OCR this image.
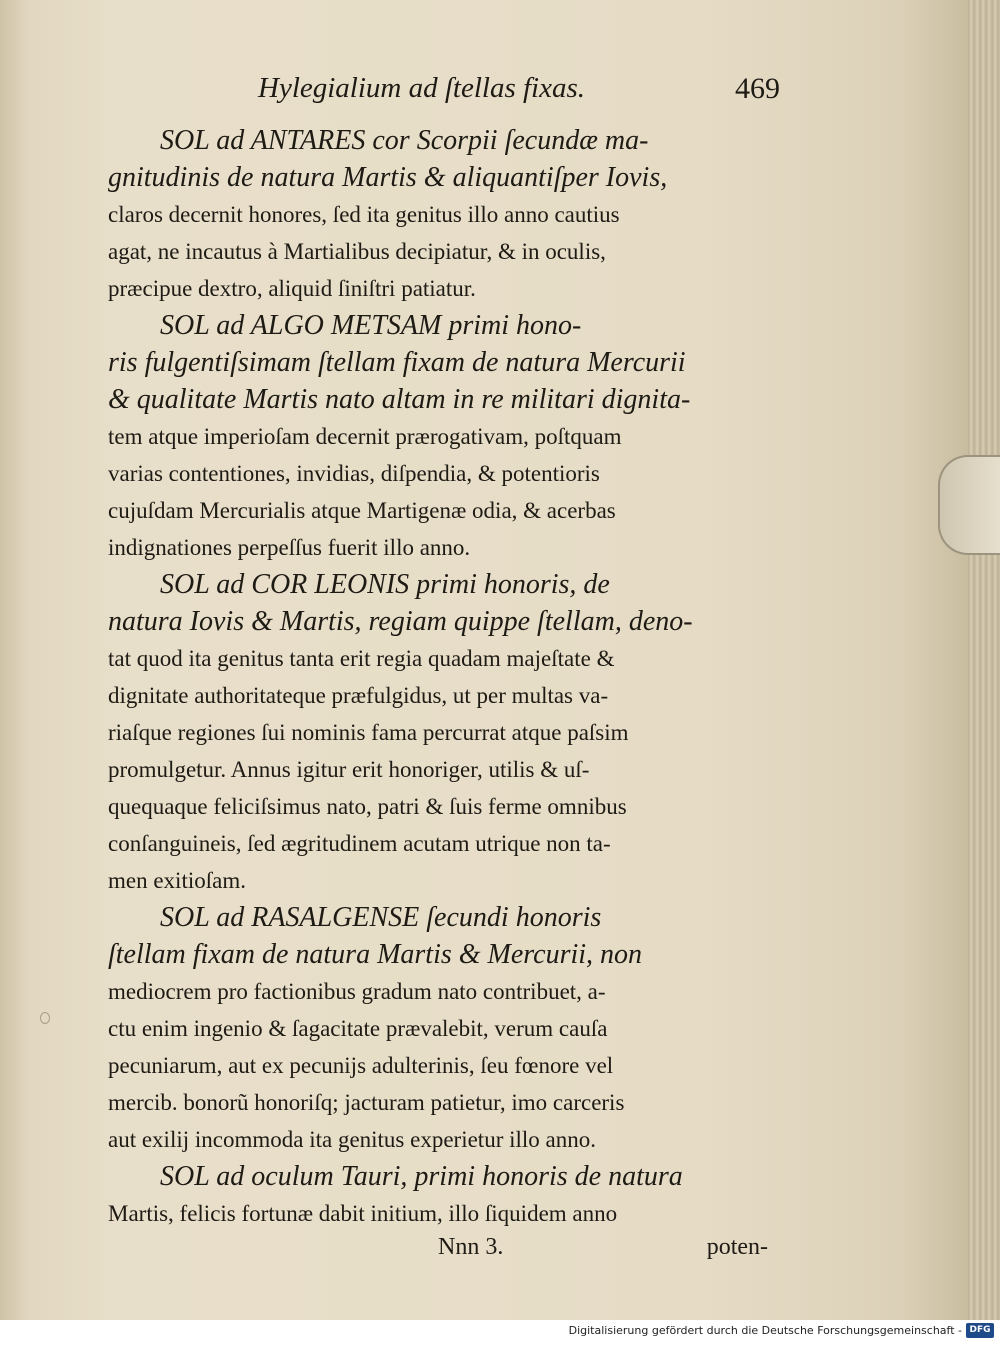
Hylegialium ad ſtellas fixas.	469
SOL ad ANTARES cor Scorpii ſecundæ ma-
gnitudinis de natura Martis & aliquantiſper Iovis,
claros decernit honores, ſed ita genitus illo anno cautius
agat, ne incautus à Martialibus decipiatur, & in oculis,
præcipue dextro, aliquid ſiniſtri patiatur.
SOL ad ALGO METSAM primi hono-
ris fulgentiſsimam ſtellam fixam de natura Mercurii
& qualitate Martis nato altam in re militari dignita-
tem atque imperioſam decernit prærogativam, poſtquam
varias contentiones, invidias, diſpendia, & potentioris
cujuſdam Mercurialis atque Martigenæ odia, & acerbas
indignationes perpeſſus fuerit illo anno.
SOL ad COR LEONIS primi honoris, de
natura Iovis & Martis, regiam quippe ſtellam, deno-
tat quod ita genitus tanta erit regia quadam majeſtate &
dignitate authoritateque præfulgidus, ut per multas va-
riaſque regiones ſui nominis fama percurrat atque paſsim
promulgetur. Annus igitur erit honoriger, utilis & uſ-
quequaque feliciſsimus nato, patri & ſuis ferme omnibus
conſanguineis, ſed ægritudinem acutam utrique non ta-
men exitioſam.
SOL ad RASALGENSE ſecundi honoris
ſtellam fixam de natura Martis & Mercurii, non
mediocrem pro factionibus gradum nato contribuet, a-
ctu enim ingenio & ſagacitate prævalebit, verum cauſa
pecuniarum, aut ex pecunijs adulterinis, ſeu fœnore vel
mercib. bonorũ honoriſq; jacturam patietur, imo carceris
aut exilij incommoda ita genitus experietur illo anno.
SOL ad oculum Tauri, primi honoris de natura
Martis, felicis fortunæ dabit initium, illo ſiquidem anno
Nnn 3.	poten-
Digitalisierung gefördert durch die Deutsche Forschungsgemeinschaft - DFG
